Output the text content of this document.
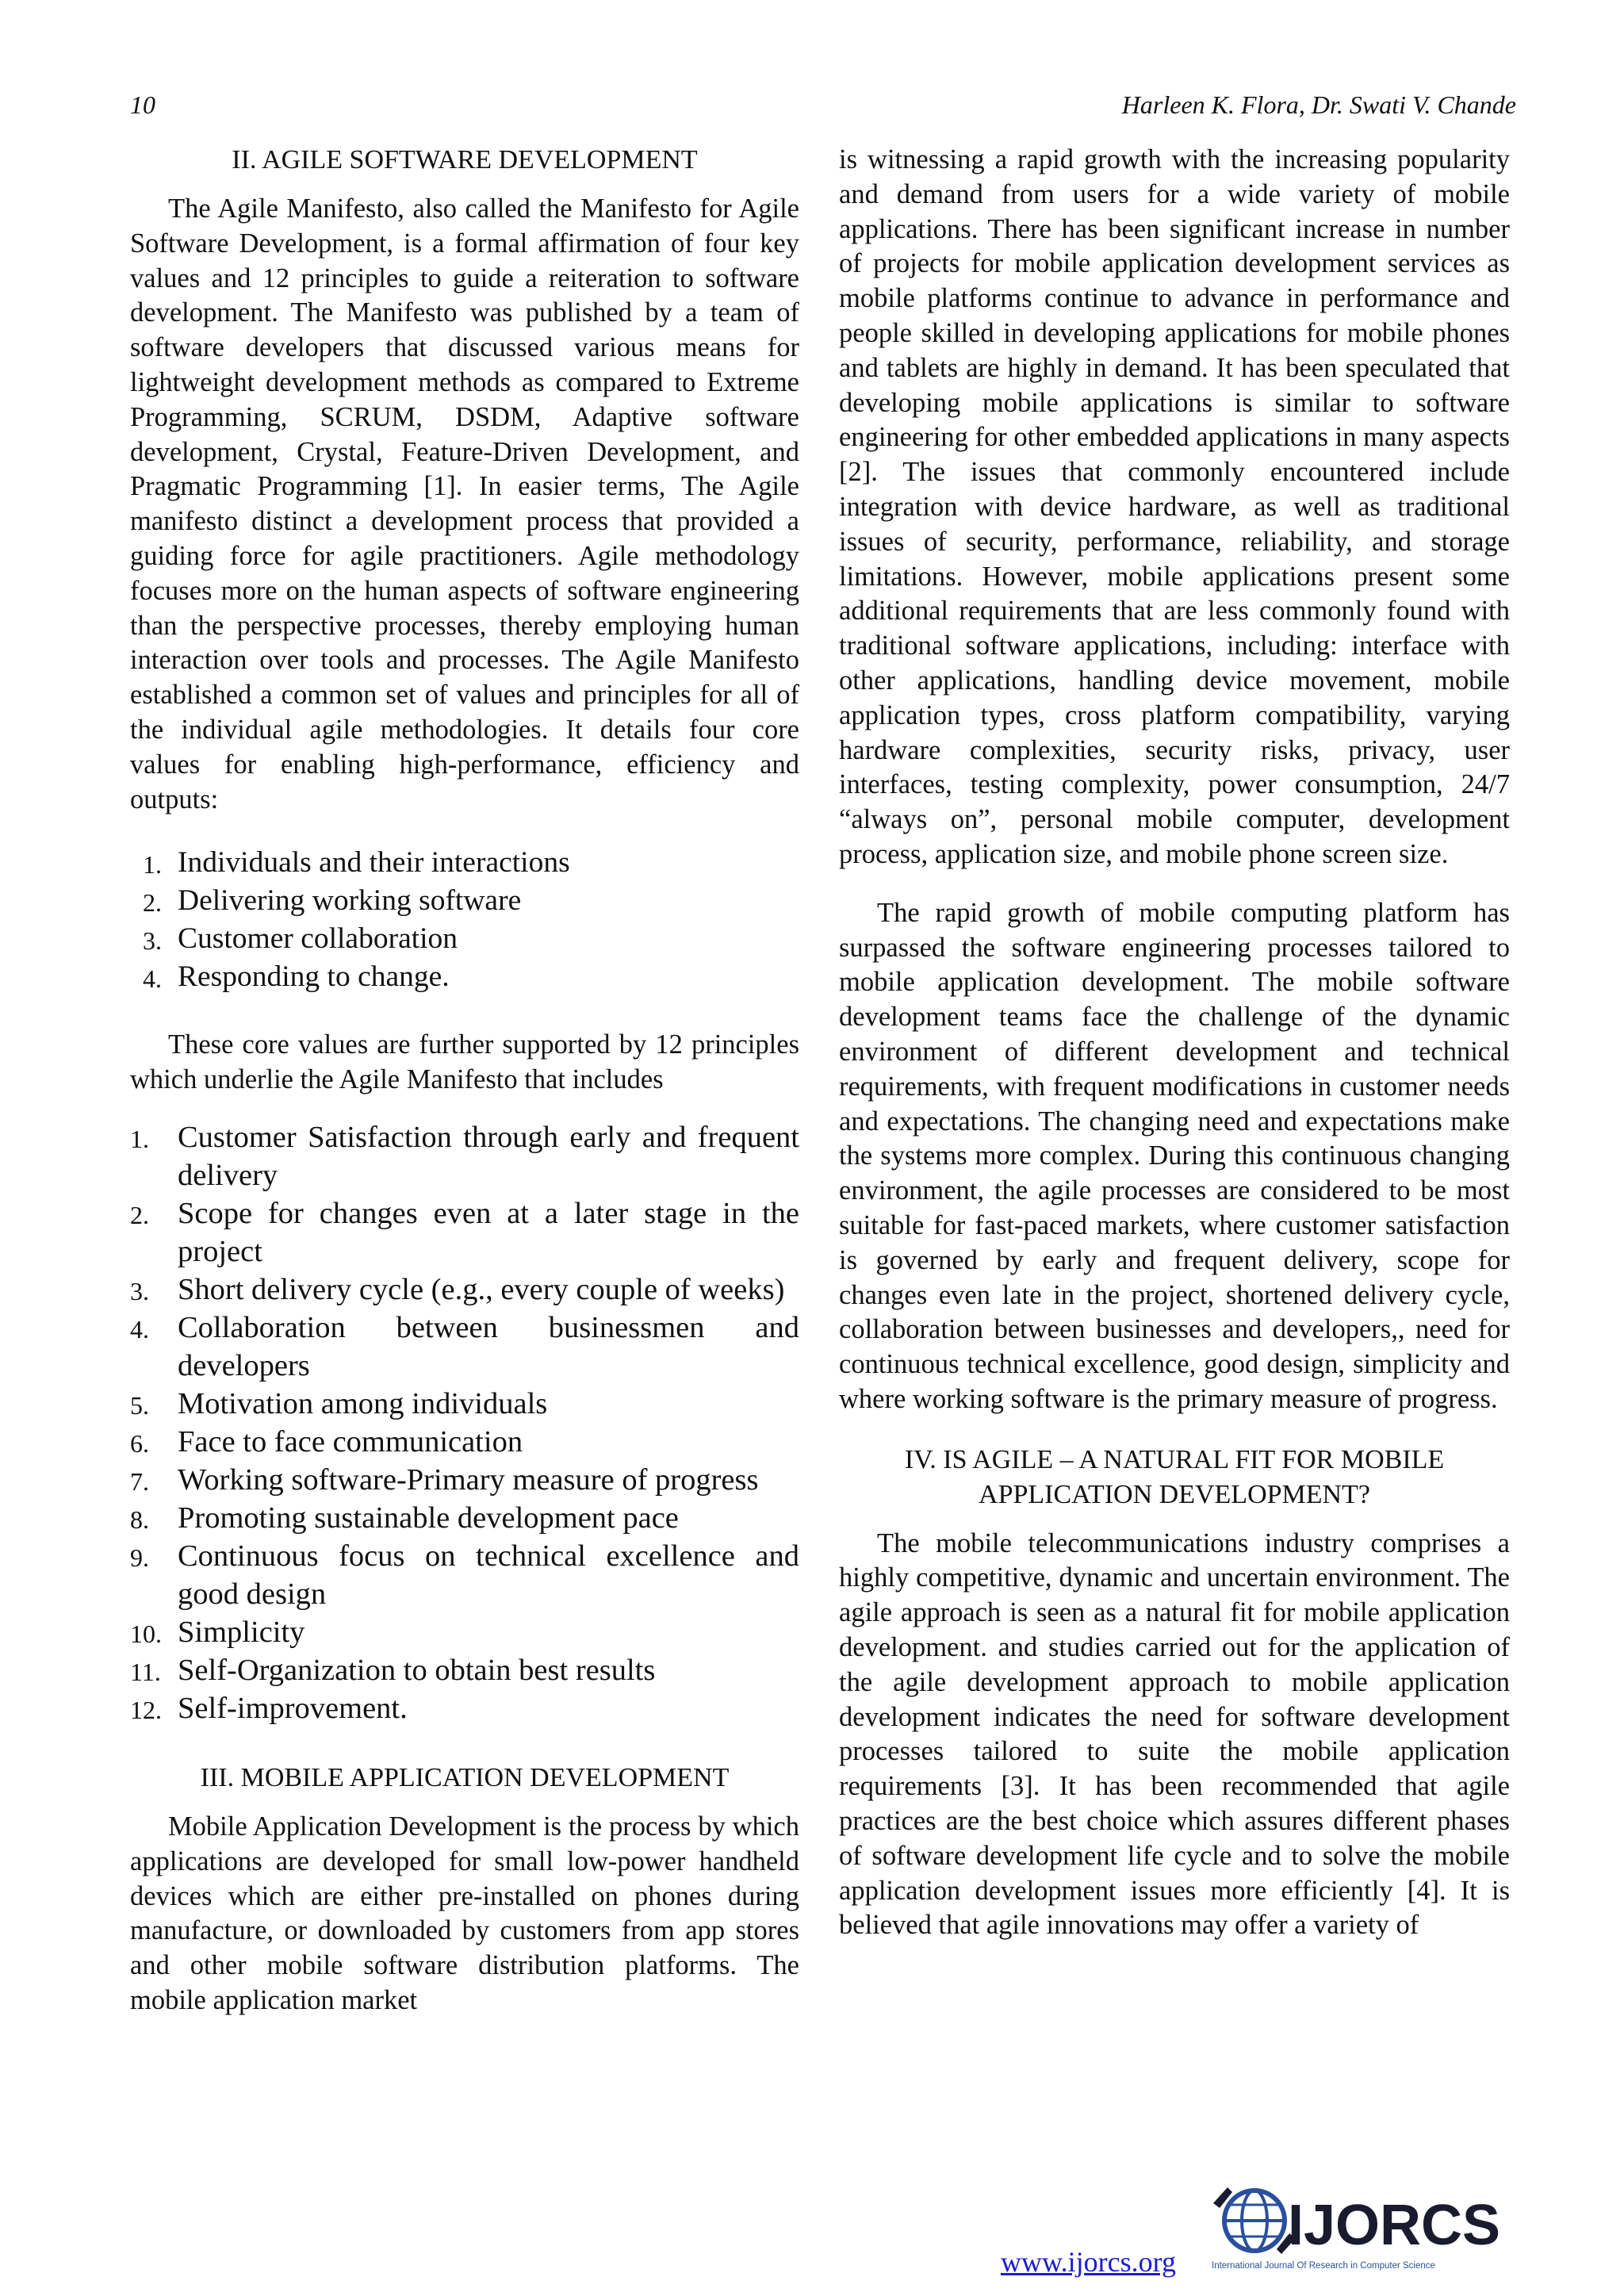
10	Harleen K. Flora, Dr. Swati V. Chande
II. AGILE SOFTWARE DEVELOPMENT

The Agile Manifesto, also called the Manifesto for Agile Software Development, is a formal affirmation of four key values and 12 principles to guide a reiteration to software development. The Manifesto was published by a team of software developers that discussed various means for lightweight development methods as compared to Extreme Programming, SCRUM, DSDM, Adaptive software development, Crystal, Feature-Driven Development, and Pragmatic Programming [1]. In easier terms, The Agile manifesto distinct a development process that provided a guiding force for agile practitioners. Agile methodology focuses more on the human aspects of software engineering than the perspective processes, thereby employing human interaction over tools and processes. The Agile Manifesto established a common set of values and principles for all of the individual agile methodologies. It details four core values for enabling high-performance, efficiency and outputs:

1. Individuals and their interactions
2. Delivering working software
3. Customer collaboration
4. Responding to change.

These core values are further supported by 12 principles which underlie the Agile Manifesto that includes

1. Customer Satisfaction through early and frequent delivery
2. Scope for changes even at a later stage in the project
3. Short delivery cycle (e.g., every couple of weeks)
4. Collaboration between businessmen and developers
5. Motivation among individuals
6. Face to face communication
7. Working software-Primary measure of progress
8. Promoting sustainable development pace
9. Continuous focus on technical excellence and good design
10. Simplicity
11. Self-Organization to obtain best results
12. Self-improvement.
III. MOBILE APPLICATION DEVELOPMENT

Mobile Application Development is the process by which applications are developed for small low-power handheld devices which are either pre-installed on phones during manufacture, or downloaded by customers from app stores and other mobile software distribution platforms. The mobile application market

is witnessing a rapid growth with the increasing popularity and demand from users for a wide variety of mobile applications. There has been significant increase in number of projects for mobile application development services as mobile platforms continue to advance in performance and people skilled in developing applications for mobile phones and tablets are highly in demand. It has been speculated that developing mobile applications is similar to software engineering for other embedded applications in many aspects [2]. The issues that commonly encountered include integration with device hardware, as well as traditional issues of security, performance, reliability, and storage limitations. However, mobile applications present some additional requirements that are less commonly found with traditional software applications, including: interface with other applications, handling device movement, mobile application types, cross platform compatibility, varying hardware complexities, security risks, privacy, user interfaces, testing complexity, power consumption, 24/7 “always on”, personal mobile computer, development process, application size, and mobile phone screen size.

The rapid growth of mobile computing platform has surpassed the software engineering processes tailored to mobile application development. The mobile software development teams face the challenge of the dynamic environment of different development and technical requirements, with frequent modifications in customer needs and expectations. The changing need and expectations make the systems more complex. During this continuous changing environment, the agile processes are considered to be most suitable for fast-paced markets, where customer satisfaction is governed by early and frequent delivery, scope for changes even late in the project, shortened delivery cycle, collaboration between businesses and developers,, need for continuous technical excellence, good design, simplicity and where working software is the primary measure of progress.

IV. IS AGILE – A NATURAL FIT FOR MOBILE
APPLICATION DEVELOPMENT?

The mobile telecommunications industry comprises a highly competitive, dynamic and uncertain environment. The agile approach is seen as a natural fit for mobile application development. and studies carried out for the application of the agile development approach to mobile application development indicates the need for software development processes tailored to suite the mobile application requirements [3]. It has been recommended that agile practices are the best choice which assures different phases of software development life cycle and to solve the mobile application development issues more efficiently [4]. It is believed that agile innovations may offer a variety of

www.ijorcs.org
IJORCS
International Journal Of Research in Computer Science
